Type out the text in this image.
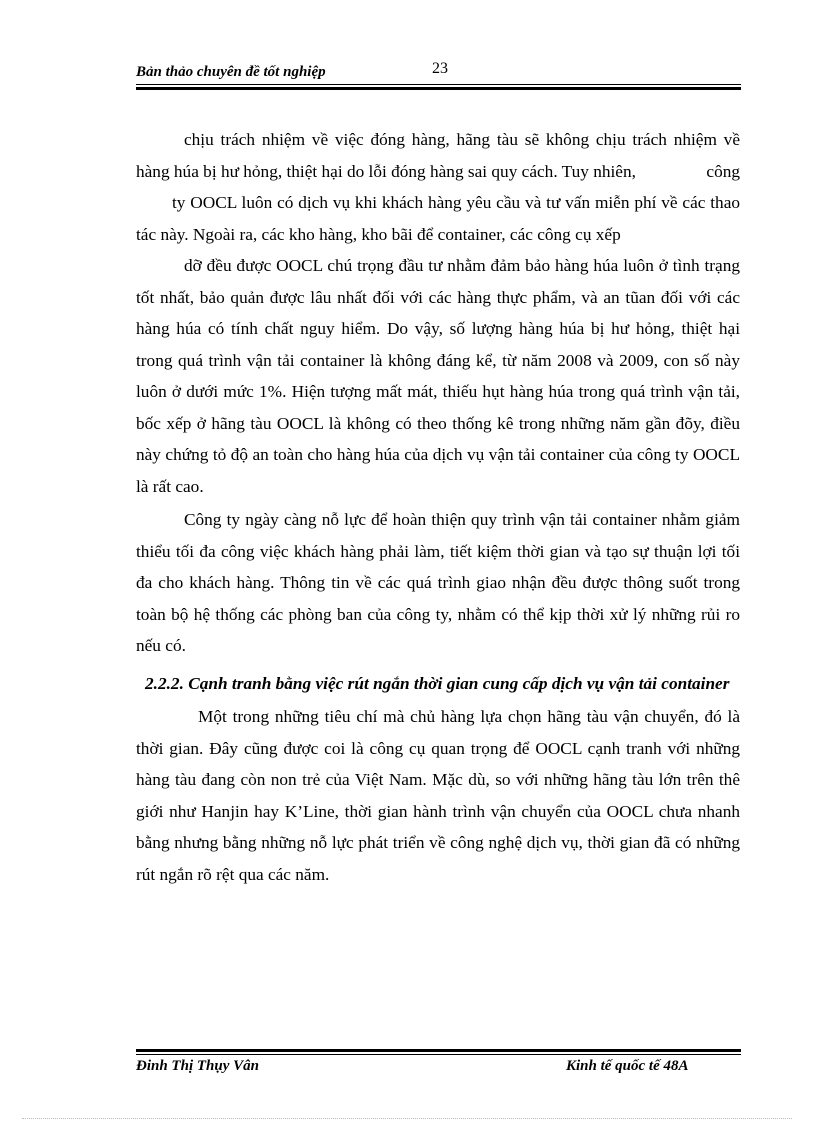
Bản thảo chuyên đề tốt nghiệp	23

chịu trách nhiệm về việc đóng hàng, hãng tàu sẽ không chịu trách nhiệm về hàng húa bị hư hỏng, thiệt hại do lỗi đóng hàng sai quy cách. Tuy nhiên,	công

ty OOCL luôn có dịch vụ khi khách hàng yêu cầu và tư vấn miễn phí về các thao tác này. Ngoài ra, các kho hàng, kho bãi để container, các công cụ xếp

dỡ đều được OOCL chú trọng đầu tư nhằm đảm bảo hàng húa luôn ở tình trạng tốt nhất, bảo quản được lâu nhất đối với các hàng thực phẩm, và an tũan đối với các hàng húa có tính chất nguy hiểm. Do vậy, số lượng hàng húa bị hư hỏng, thiệt hại trong quá trình vận tải container là không đáng kể, từ năm 2008 và 2009, con số này luôn ở dưới mức 1%. Hiện tượng mất mát, thiếu hụt hàng húa trong quá trình vận tải, bốc xếp ở hãng tàu OOCL là không có theo thống kê trong những năm gần đõy, điều này chứng tỏ độ an toàn cho hàng húa của dịch vụ vận tải container của công ty OOCL là rất cao.

Công ty ngày càng nỗ lực để hoàn thiện quy trình vận tải container nhằm giảm thiểu tối đa công việc khách hàng phải làm, tiết kiệm thời gian và tạo sự thuận lợi tối đa cho khách hàng. Thông tin về các quá trình giao nhận đều được thông suốt trong toàn bộ hệ thống các phòng ban của công ty, nhằm có thể kịp thời xử lý những rủi ro nếu có.

2.2.2. Cạnh tranh bằng việc rút ngắn thời gian cung cấp dịch vụ vận tải container

Một trong những tiêu chí mà chủ hàng lựa chọn hãng tàu vận chuyển, đó là thời gian. Đây cũng được coi là công cụ quan trọng để OOCL cạnh tranh với những hàng tàu đang còn non trẻ của Việt Nam. Mặc dù, so với những hãng tàu lớn trên thê giới như Hanjin hay K’Line, thời gian hành trình vận chuyển của OOCL chưa nhanh bằng nhưng bằng những nỗ lực phát triển về công nghệ dịch vụ, thời gian đã có những rút ngắn rõ rệt qua các năm.

Đinh Thị Thụy Vân	Kinh tế quốc tế 48A
